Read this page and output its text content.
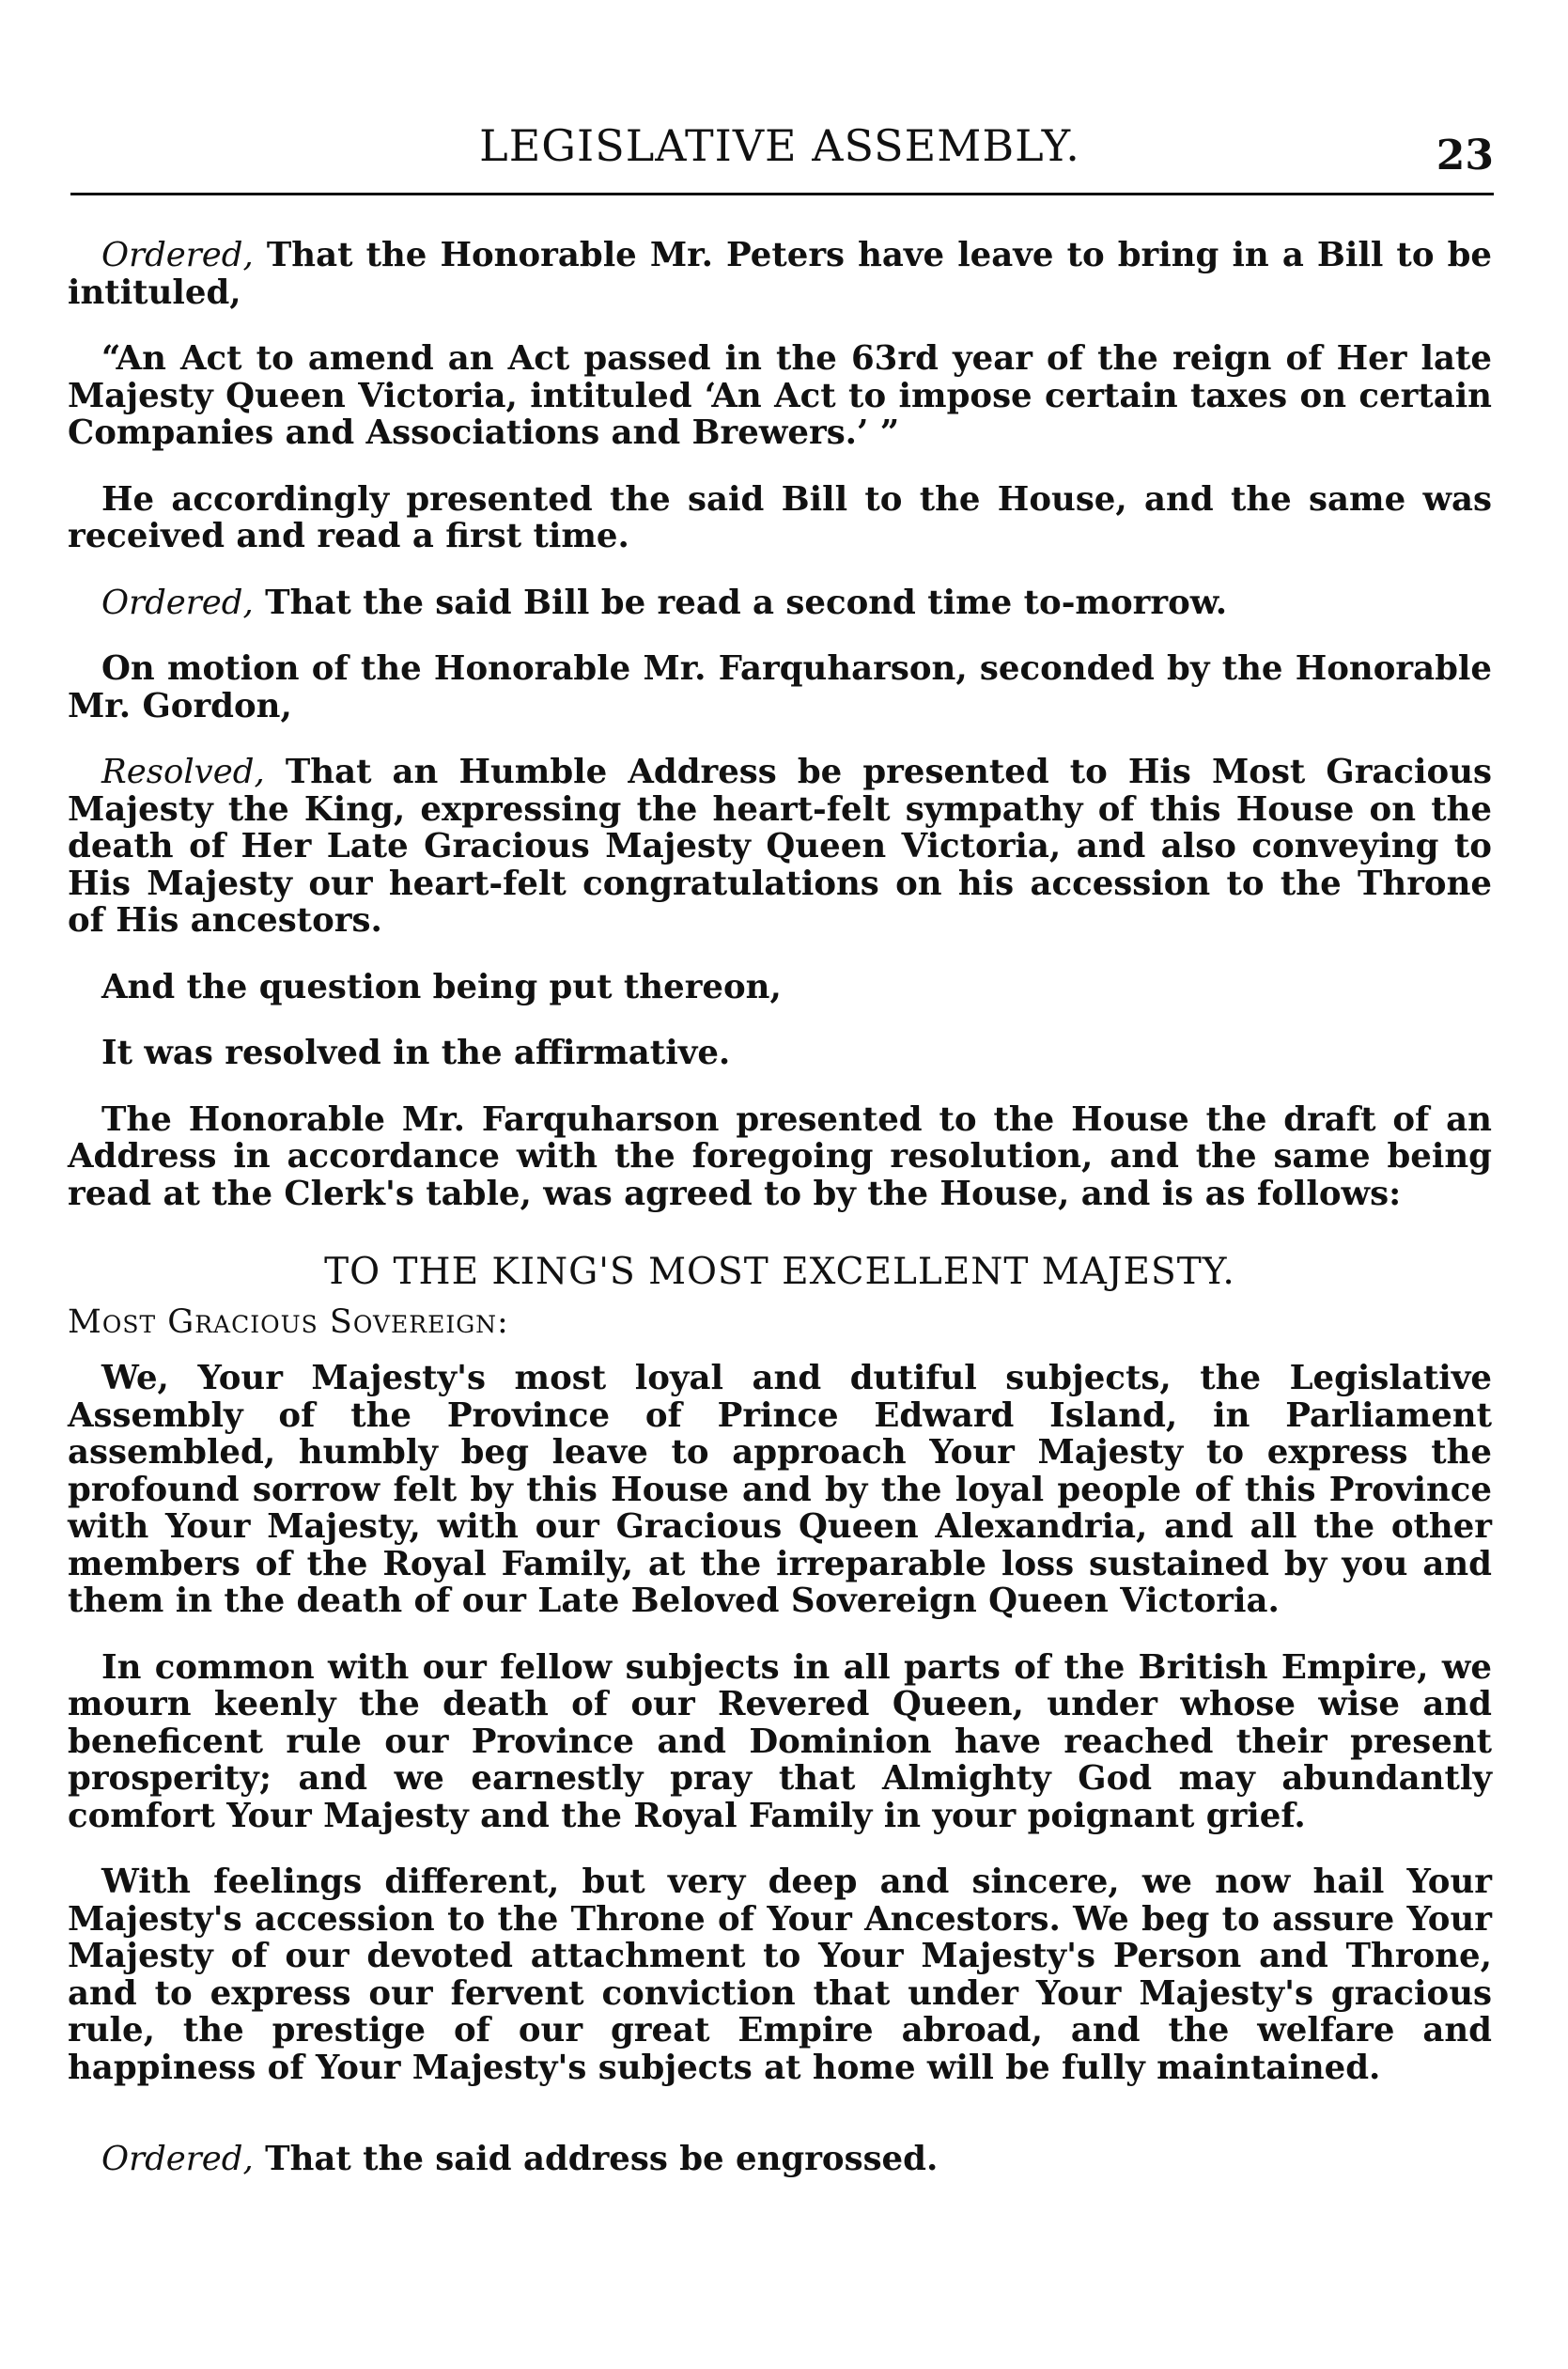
LEGISLATIVE ASSEMBLY.	23

Ordered, That the Honorable Mr. Peters have leave to bring in a Bill to be intituled,

“An Act to amend an Act passed in the 63rd year of the reign of Her late Majesty Queen Victoria, intituled ‘An Act to impose certain taxes on certain Companies and Associations and Brewers.’ ”

He accordingly presented the said Bill to the House, and the same was received and read a first time.

Ordered, That the said Bill be read a second time to-morrow.

On motion of the Honorable Mr. Farquharson, seconded by the Honorable Mr. Gordon,

Resolved, That an Humble Address be presented to His Most Gracious Majesty the King, expressing the heart-felt sympathy of this House on the death of Her Late Gracious Majesty Queen Victoria, and also conveying to His Majesty our heart-felt congratulations on his accession to the Throne of His ancestors.

And the question being put thereon,

It was resolved in the affirmative.

The Honorable Mr. Farquharson presented to the House the draft of an Address in accordance with the foregoing resolution, and the same being read at the Clerk's table, was agreed to by the House, and is as follows:

TO THE KING'S MOST EXCELLENT MAJESTY.

Most Gracious Sovereign:

We, Your Majesty's most loyal and dutiful subjects, the Legislative Assembly of the Province of Prince Edward Island, in Parliament assembled, humbly beg leave to approach Your Majesty to express the profound sorrow felt by this House and by the loyal people of this Province with Your Majesty, with our Gracious Queen Alexandria, and all the other members of the Royal Family, at the irreparable loss sustained by you and them in the death of our Late Beloved Sovereign Queen Victoria.

In common with our fellow subjects in all parts of the British Empire, we mourn keenly the death of our Revered Queen, under whose wise and beneficent rule our Province and Dominion have reached their present prosperity; and we earnestly pray that Almighty God may abundantly comfort Your Majesty and the Royal Family in your poignant grief.

With feelings different, but very deep and sincere, we now hail Your Majesty's accession to the Throne of Your Ancestors. We beg to assure Your Majesty of our devoted attachment to Your Majesty's Person and Throne, and to express our fervent conviction that under Your Majesty's gracious rule, the prestige of our great Empire abroad, and the welfare and happiness of Your Majesty's subjects at home will be fully maintained.

Ordered, That the said address be engrossed.
